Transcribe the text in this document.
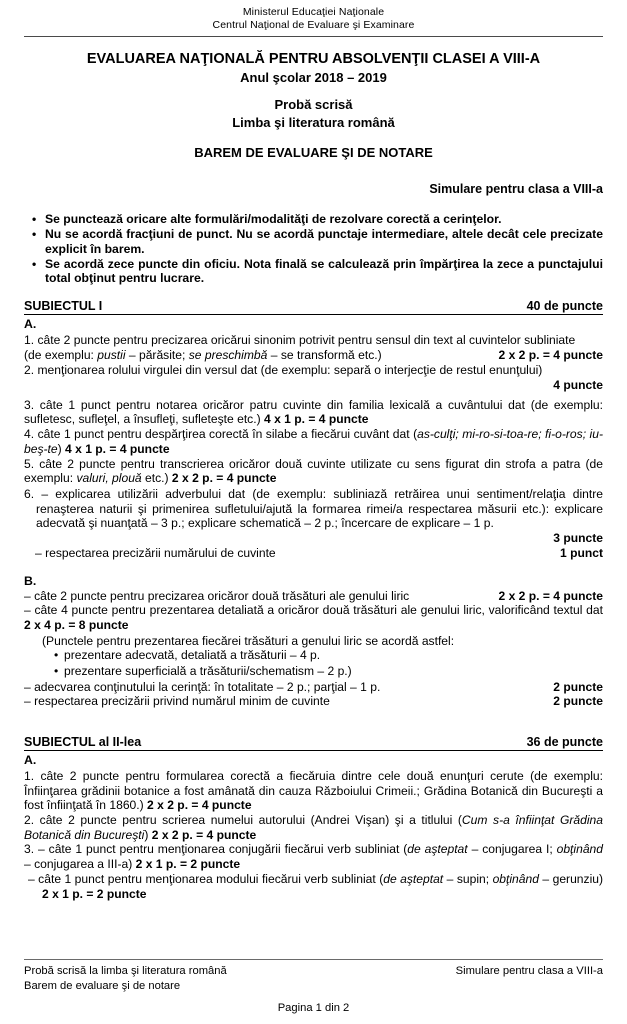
Ministerul Educaţiei Naţionale
Centrul Naţional de Evaluare şi Examinare
EVALUAREA NAŢIONALĂ PENTRU ABSOLVENŢII CLASEI A VIII-A
Anul şcolar 2018 – 2019
Probă scrisă
Limba şi literatura română
BAREM DE EVALUARE ŞI DE NOTARE
Simulare pentru clasa a VIII-a
• Se punctează oricare alte formulări/modalităţi de rezolvare corectă a cerinţelor.
• Nu se acordă fracţiuni de punct. Nu se acordă punctaje intermediare, altele decât cele precizate explicit în barem.
• Se acordă zece puncte din oficiu. Nota finală se calculează prin împărţirea la zece a punctajului total obţinut pentru lucrare.
SUBIECTUL I	40 de puncte
A.
1. câte 2 puncte pentru precizarea oricărui sinonim potrivit pentru sensul din text al cuvintelor subliniate
(de exemplu: pustii – părăsite; se preschimbă – se transformă etc.)	2 x 2 p. = 4 puncte
2. menţionarea rolului virgulei din versul dat (de exemplu: separă o interjecţie de restul enunţului)
4 puncte
3. câte 1 punct pentru notarea oricăror patru cuvinte din familia lexicală a cuvântului dat (de exemplu: sufletesc, sufleţel, a însufleţi, sufleteşte etc.) 4 x 1 p. = 4 puncte
4. câte 1 punct pentru despărţirea corectă în silabe a fiecărui cuvânt dat (as-culţi; mi-ro-si-toa-re; fi-o-ros; iu-beş-te) 4 x 1 p. = 4 puncte
5. câte 2 puncte pentru transcrierea oricăror două cuvinte utilizate cu sens figurat din strofa a patra (de exemplu: valuri, plouă etc.) 2 x 2 p. = 4 puncte
6. – explicarea utilizării adverbului dat (de exemplu: subliniază retrăirea unui sentiment/relaţia dintre renaşterea naturii şi primenirea sufletului/ajută la formarea rimei/a respectarea măsurii etc.): explicare adecvată şi nuanţată – 3 p.; explicare schematică – 2 p.; încercare de explicare – 1 p.
3 puncte
– respectarea precizării numărului de cuvinte	1 punct
B.
– câte 2 puncte pentru precizarea oricăror două trăsături ale genului liric	2 x 2 p. = 4 puncte
– câte 4 puncte pentru prezentarea detaliată a oricăror două trăsături ale genului liric, valorificând textul dat 2 x 4 p. = 8 puncte
(Punctele pentru prezentarea fiecărei trăsături a genului liric se acordă astfel:
• prezentare adecvată, detaliată a trăsăturii – 4 p.
• prezentare superficială a trăsăturii/schematism – 2 p.)
– adecvarea conţinutului la cerinţă: în totalitate – 2 p.; parţial – 1 p.	2 puncte
– respectarea precizării privind numărul minim de cuvinte	2 puncte
SUBIECTUL al II-lea	36 de puncte
A.
1. câte 2 puncte pentru formularea corectă a fiecăruia dintre cele două enunţuri cerute (de exemplu: Înfiinţarea grădinii botanice a fost amânată din cauza Războiului Crimeii.; Grădina Botanică din Bucureşti a fost înfiinţată în 1860.) 2 x 2 p. = 4 puncte
2. câte 2 puncte pentru scrierea numelui autorului (Andrei Vişan) şi a titlului (Cum s-a înfiinţat Grădina Botanică din Bucureşti) 2 x 2 p. = 4 puncte
3. – câte 1 punct pentru menţionarea conjugării fiecărui verb subliniat (de aşteptat – conjugarea I; obţinând – conjugarea a III-a) 2 x 1 p. = 2 puncte
– câte 1 punct pentru menţionarea modului fiecărui verb subliniat (de aşteptat – supin; obţinând – gerunziu) 2 x 1 p. = 2 puncte
Probă scrisă la limba şi literatura română
Barem de evaluare şi de notare
Simulare pentru clasa a VIII-a
Pagina 1 din 2
